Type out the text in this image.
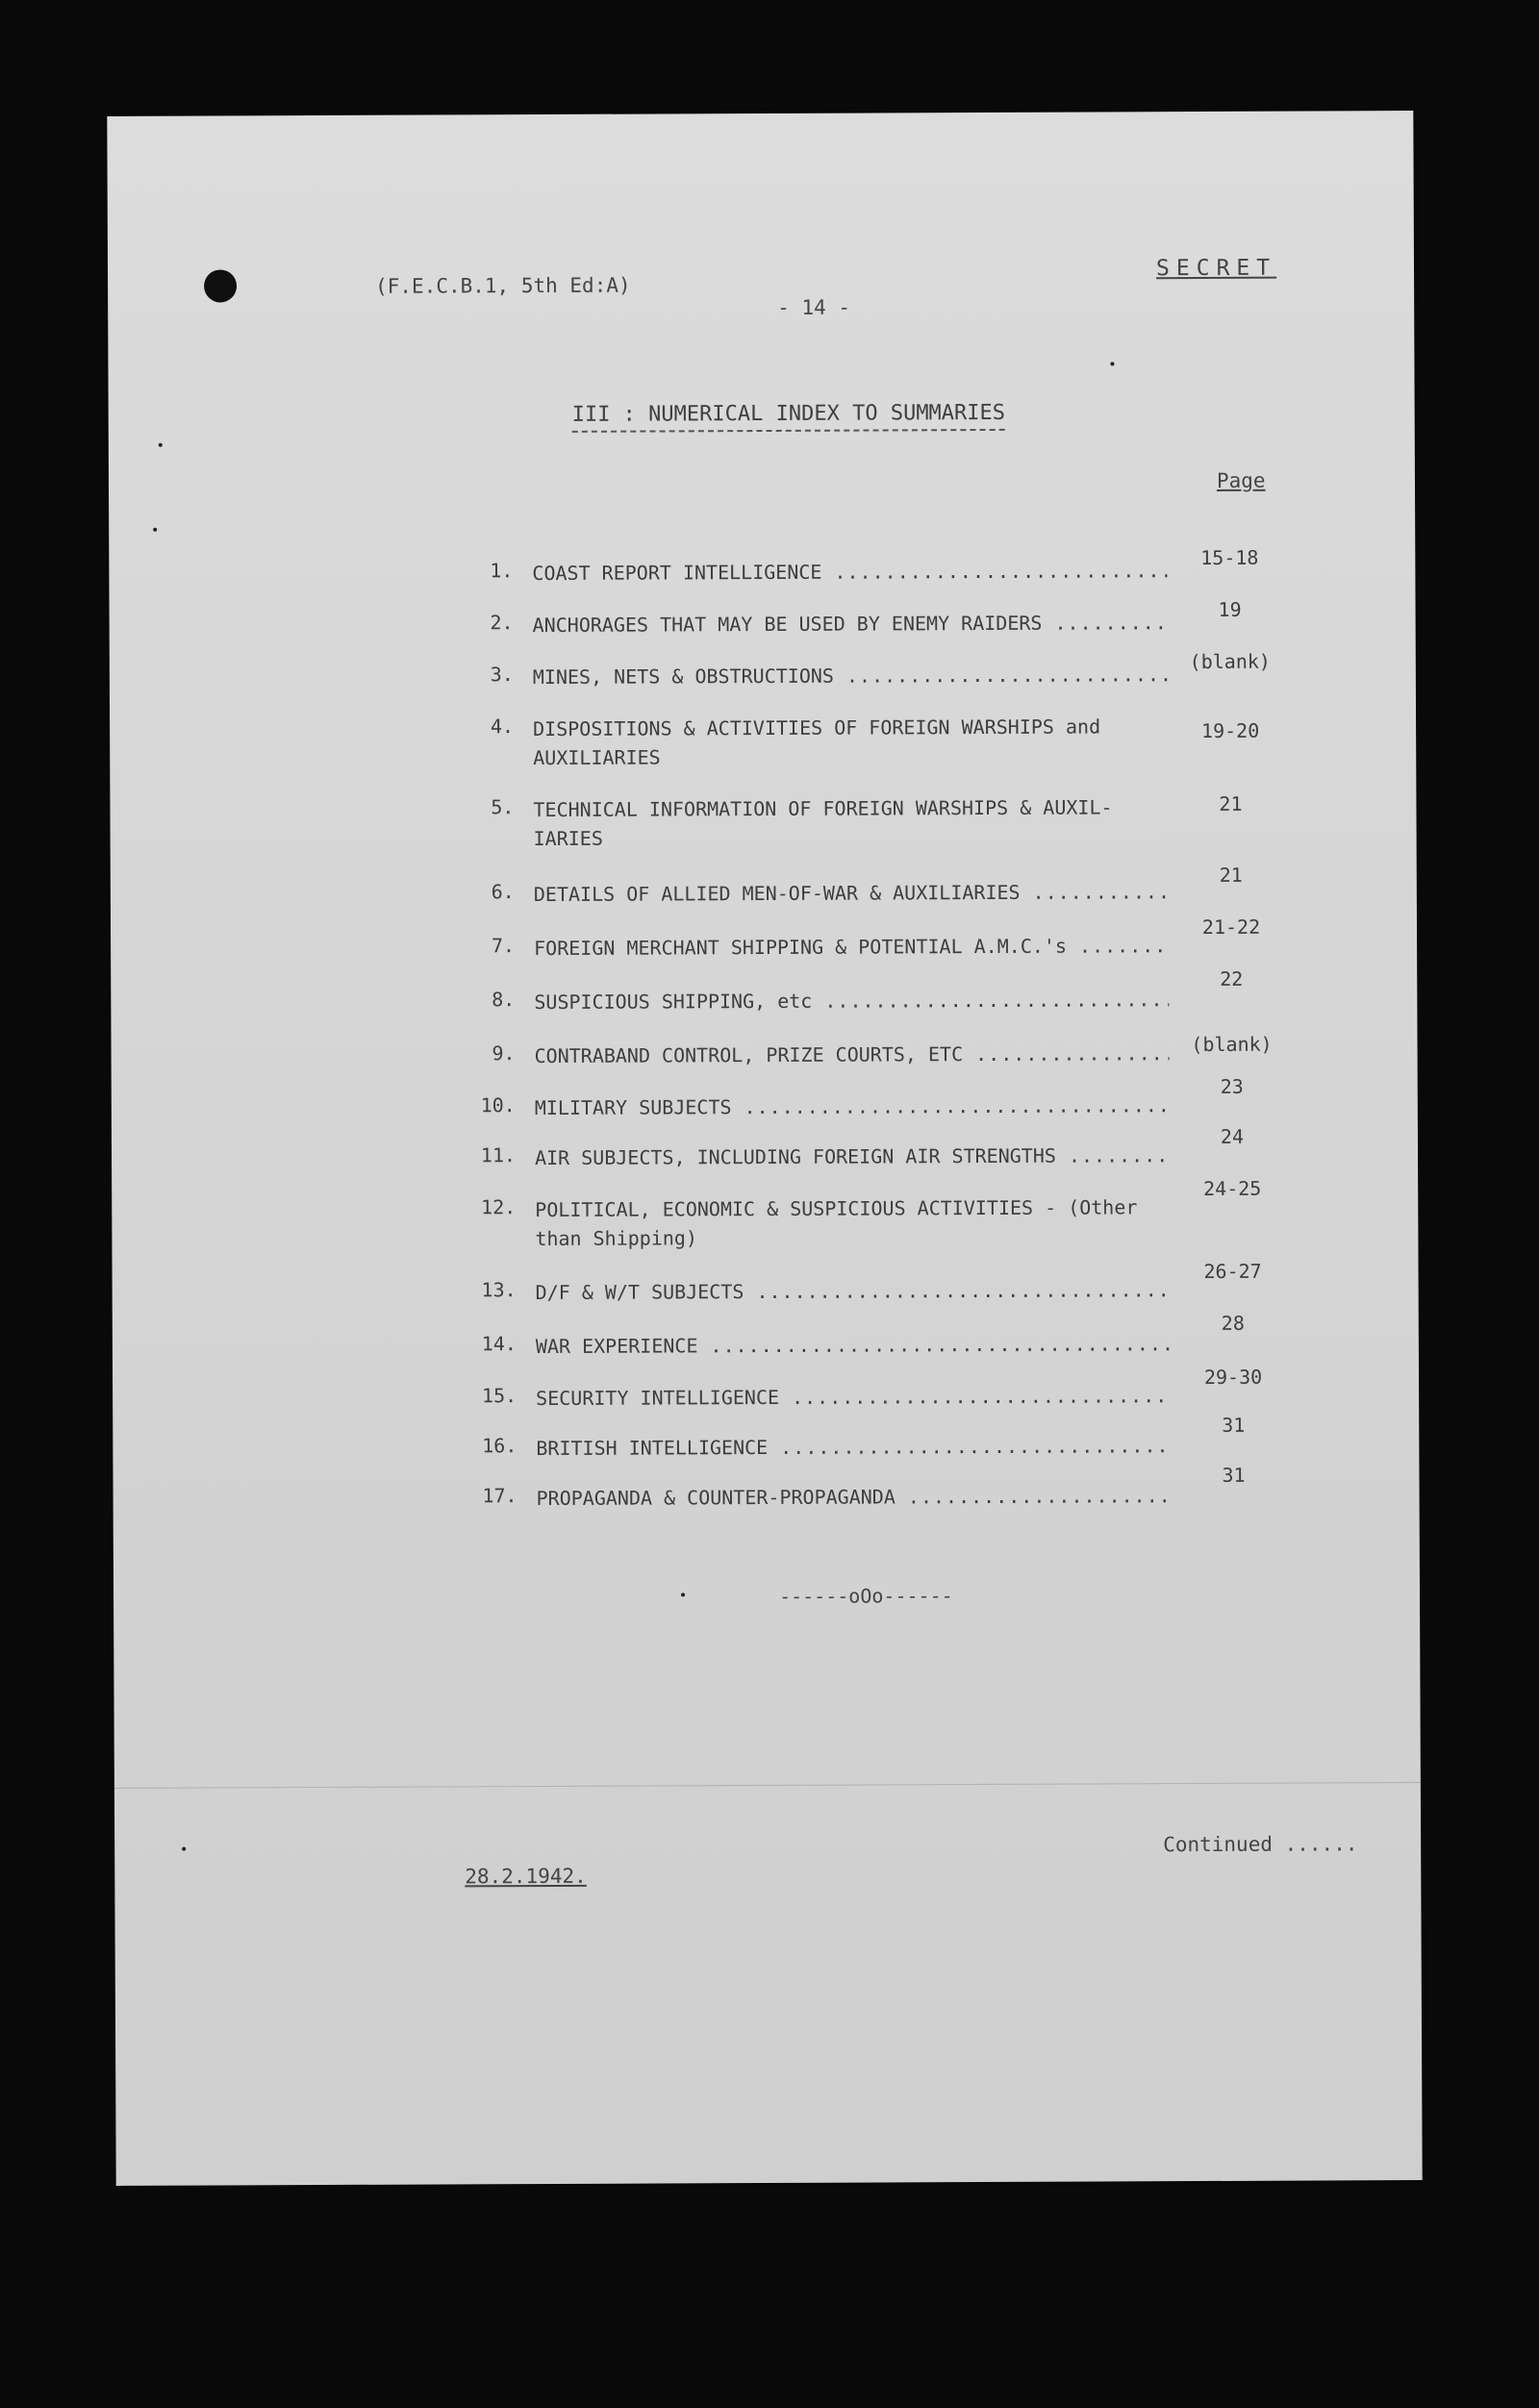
(F.E.C.B.1, 5th Ed:A)
- 14 -
SECRET
III : NUMERICAL INDEX TO SUMMARIES
Page
1. COAST REPORT INTELLIGENCE .....
15-18
2. ANCHORAGES THAT MAY BE USED BY ENEMY RAIDERS .....
19
3. MINES, NETS & OBSTRUCTIONS .....
(blank)
4. DISPOSITIONS & ACTIVITIES OF FOREIGN WARSHIPS and AUXILIARIES
19-20
5. TECHNICAL INFORMATION OF FOREIGN WARSHIPS & AUXIL-IARIES
21
6. DETAILS OF ALLIED MEN-OF-WAR & AUXILIARIES .....
21
7. FOREIGN MERCHANT SHIPPING & POTENTIAL A.M.C.'s .....
21-22
8. SUSPICIOUS SHIPPING, etc .....
22
9. CONTRABAND CONTROL, PRIZE COURTS, ETC .....	(blank)
10. MILITARY SUBJECTS .....
23
11. AIR SUBJECTS, INCLUDING FOREIGN AIR STRENGTHS .....
24
12. POLITICAL, ECONOMIC & SUSPICIOUS ACTIVITIES - (Other than Shipping)
24-25
13. D/F & W/T SUBJECTS .....
26-27
14. WAR EXPERIENCE .....
28
15. SECURITY INTELLIGENCE .....
29-30
16. BRITISH INTELLIGENCE .....
31
17. PROPAGANDA & COUNTER-PROPAGANDA .....
31
------oOo------
28.2.1942.
Continued ......
